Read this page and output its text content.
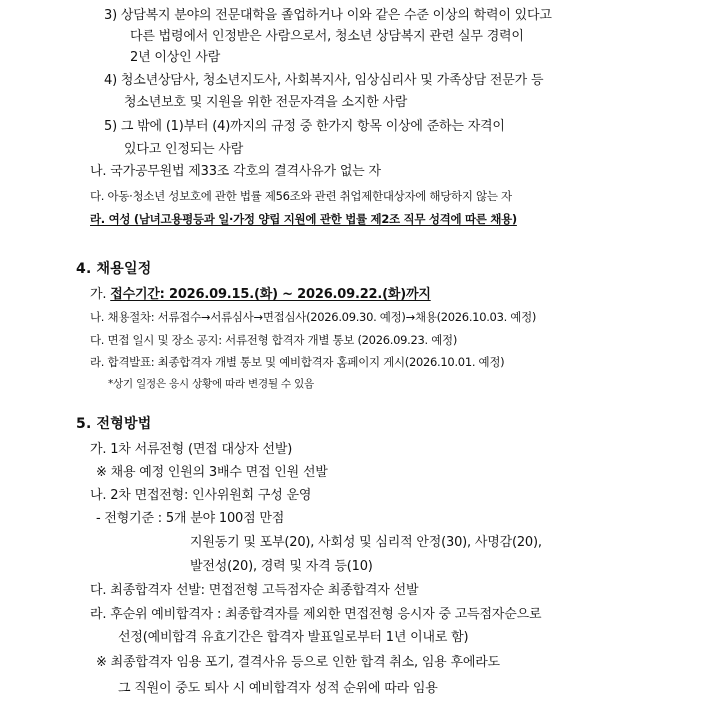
3) 상담복지 분야의 전문대학을 졸업하거나 이와 같은 수준 이상의 학력이 있다고
다른 법령에서 인정받은 사람으로서, 청소년 상담복지 관련 실무 경력이
2년 이상인 사람
4) 청소년상담사, 청소년지도사, 사회복지사, 임상심리사 및 가족상담 전문가 등
청소년보호 및 지원을 위한 전문자격을 소지한 사람
5) 그 밖에 (1)부터 (4)까지의 규정 중 한가지 항목 이상에 준하는 자격이
있다고 인정되는 사람
나. 국가공무원법 제33조 각호의 결격사유가 없는 자
다. 아동·청소년 성보호에 관한 법률 제56조와 관련 취업제한대상자에 해당하지 않는 자
라. 여성 (남녀고용평등과 일·가정 양립 지원에 관한 법률 제2조 직무 성격에 따른 채용)
4. 채용일정
가. 접수기간: 2026.09.15.(화) ~ 2026.09.22.(화)까지
나. 채용절차: 서류접수→서류심사→면접심사(2026.09.30. 예정)→채용(2026.10.03. 예정)
다. 면접 일시 및 장소 공지: 서류전형 합격자 개별 통보 (2026.09.23. 예정)
라. 합격발표: 최종합격자 개별 통보 및 예비합격자 홈페이지 게시(2026.10.01. 예정)
*상기 일정은 응시 상황에 따라 변경될 수 있음
5. 전형방법
가. 1차 서류전형 (면접 대상자 선발)
※ 채용 예정 인원의 3배수 면접 인원 선발
나. 2차 면접전형: 인사위원회 구성 운영
- 전형기준 : 5개 분야 100점 만점
지원동기 및 포부(20), 사회성 및 심리적 안정(30), 사명감(20),
발전성(20), 경력 및 자격 등(10)
다. 최종합격자 선발: 면접전형 고득점자순 최종합격자 선발
라. 후순위 예비합격자 : 최종합격자를 제외한 면접전형 응시자 중 고득점자순으로
선정(예비합격 유효기간은 합격자 발표일로부터 1년 이내로 함)
※ 최종합격자 임용 포기, 결격사유 등으로 인한 합격 취소, 임용 후에라도
그 직원이 중도 퇴사 시 예비합격자 성적 순위에 따라 임용
